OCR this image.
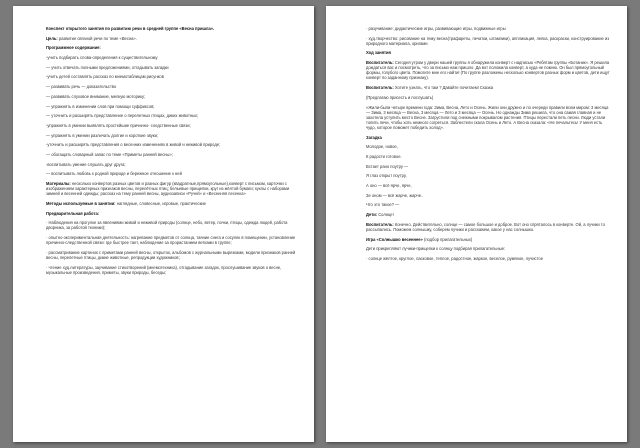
Конспект открытого занятия по развитию речи в средней группе «Весна пришла».

Цель: развитие связной речи по теме «Весна».

Программное содержание:

-учить подбирать слова-определения к существительному

— учить отвечать полными предложениями, отгадывать загадки

-учить детей составлять рассказ по мнемотаблицам рисунков

— развивать речь — доказательство

— развивать слуховое внимание, мелкую моторику;

— упражнять в изменении слов при помощи суффиксов;

— уточнить и расширять представление о перелетных птицах, диких животных;

-упражнять в умении выявлять простейшие причинно- следственные связи;

— упражнять в умении различать долгие и короткие звуки;

-уточнить и расширять представления о весенних изменениях в живой и неживой природе;

— обогащать словарный запас по теме «Приметы ранней весны»;

-воспитывать умение слушать друг друга;

— воспитывать любовь к родной природе и бережное отношение к ней

Материалы: несколько конвертов разных цветов и разных фигур (квадратные,прямоугольные),конверт с письмом, карточки с изображением характерных признаков весны, перелётных птиц; бельевые прищепки, круг из жёлтой бумаги; куклы с наборами зимней и весенней одежды; рассказ на тему ранней весны, аудиозаписи «Ручей» и «Весенняя песенка»

Методы используемые в занятии: наглядные, словесные, игровые, практические

Предварительная работа:

· Наблюдения на прогулке за явлениями живой и неживой природы (солнце, небо, ветер, почки, птицы, одежда людей, работа дворника, за работой техники);

· опытно-экспериментальная деятельность: нагревание предметов от солнца, таяние снега и сосулек в помещении, установление причинно-следственной связи: где быстрее тает, наблюдение за прорастанием ветками в группе;

· рассматривание картинок с приметами ранней весны, открыток, альбомов с журнальными вырезками, модели признаков ранней весны, перелетные птицы, дикие животные, репродукции художников;

· чтение худ.литературы, заучивание стихотворений (мнемотехника), отгадывание загадок, прослушивание звуков о весне, музыкальные произведения, приметы, звуки природы, беседы;

· разучивание: дидактические игры, развивающие игры, подвижные игры

· худ.творчество: рисование на тему весна(трафареты, печатки, штампики), аппликация, лепка, раскраски, конструирование из природного материала, оригами

Ход занятия

Воспитатель: Сегодня утром у двери нашей группы я обнаружила конверт с надписью «Ребятам группы «Ботаник». Я решила дождаться вас и посмотреть, что за письмо нам пришло. Да вот положила конверт, а куда не помню. Он был прямоугольный формы, голубого цвета. Помогите мне его найти! (По группе разложены несколько конвертов разных форм и цветов, дети ищут конверт по заданному признаку).

Воспитатель: Хотите узнать, что там ? Давайте почитаем! Сказка

(Предлагаю присесть и послушать)

«Жили-были четыре времени года: Зима, Весна, Лето и Осень. Жили они дружно и по очереди правили всем миром: 3 месяца — Зима, 3 месяца — Весна, 3 месяца — Лето и 3 месяца — Осень. Но однажды Зима решила, что она самая главная и не захотела уступить место Весне. Загрустили под снежными покрывалом растения. Птицы перестали петь песни. Люди устали топить печи, чтобы хоть немного согреться. Заблестели скала Осень и Лето. А Весна сказала: «Не печальтесь! У меня есть чудо, которое поможет победить холод».

Загадка

Молодое, новое,

К радости готовое.

Встает рано поутру —

Я глаз открыт поутру,

А оно — всё ярче, ярче,

Зе оном — всё жарче, жарче..

Что это такое? —

Дети: Солнце!

Воспитатель: Конечно. Действительно, солнце — самое большое и доброе. Вот оно спряталось в конверте. Ой, а лучики то рассыпались. Поможем солнышку, соберем лучики и расскажем, какое у нас солнышко.

Игра «Солнышко весеннее» (подбор прилагательных)

Дети прикрепляют лучики-прищепки к солнцу подбирая прилагательные:

· солнце жёлтое, круглое, ласковое, теплое, радостное, жаркое, веселое, румяное, лучистое
